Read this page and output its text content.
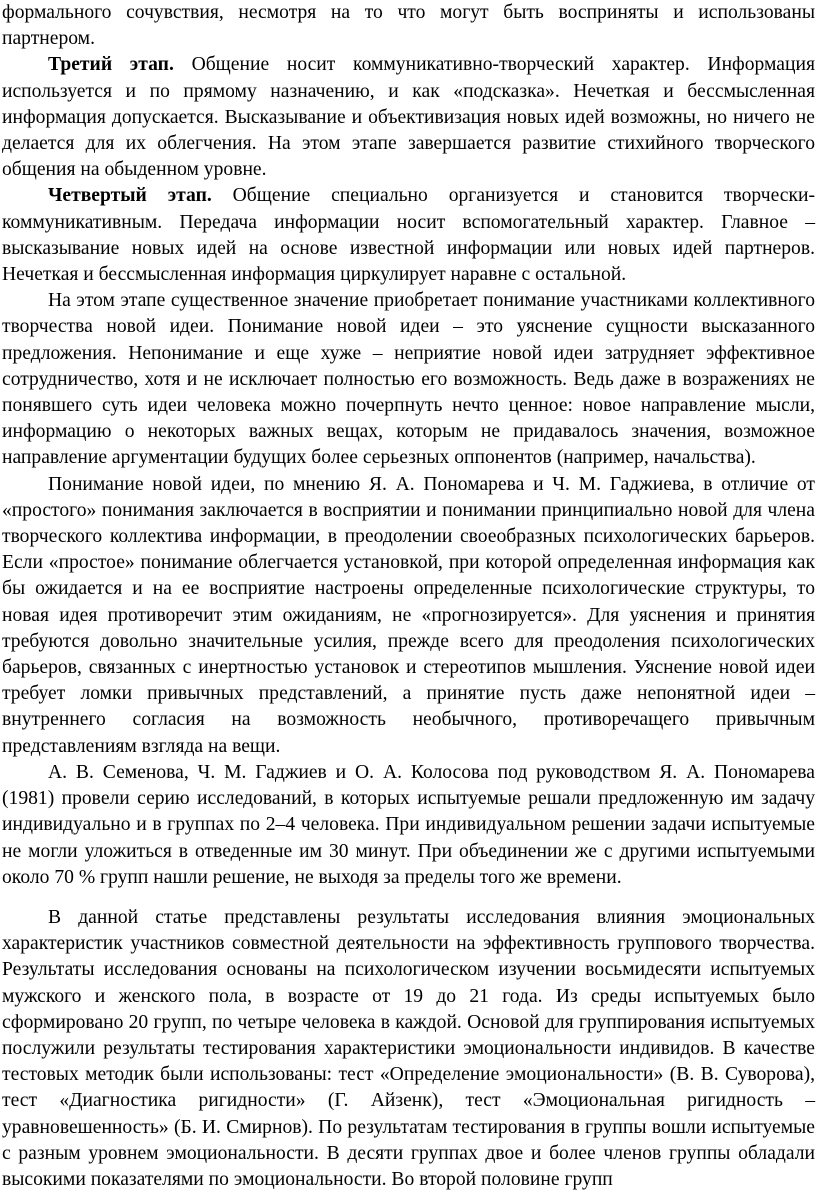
формального сочувствия, несмотря на то что могут быть восприняты и использованы партнером.

Третий этап. Общение носит коммуникативно-творческий характер. Информация используется и по прямому назначению, и как «подсказка». Нечеткая и бессмысленная информация допускается. Высказывание и объективизация новых идей возможны, но ничего не делается для их облегчения. На этом этапе завершается развитие стихийного творческого общения на обыденном уровне.

Четвертый этап. Общение специально организуется и становится творчески-коммуникативным. Передача информации носит вспомогательный характер. Главное – высказывание новых идей на основе известной информации или новых идей партнеров. Нечеткая и бессмысленная информация циркулирует наравне с остальной.

На этом этапе существенное значение приобретает понимание участниками коллективного творчества новой идеи. Понимание новой идеи – это уяснение сущности высказанного предложения. Непонимание и еще хуже – неприятие новой идеи затрудняет эффективное сотрудничество, хотя и не исключает полностью его возможность. Ведь даже в возражениях не понявшего суть идеи человека можно почерпнуть нечто ценное: новое направление мысли, информацию о некоторых важных вещах, которым не придавалось значения, возможное направление аргументации будущих более серьезных оппонентов (например, начальства).

Понимание новой идеи, по мнению Я. А. Пономарева и Ч. М. Гаджиева, в отличие от «простого» понимания заключается в восприятии и понимании принципиально новой для члена творческого коллектива информации, в преодолении своеобразных психологических барьеров. Если «простое» понимание облегчается установкой, при которой определенная информация как бы ожидается и на ее восприятие настроены определенные психологические структуры, то новая идея противоречит этим ожиданиям, не «прогнозируется». Для уяснения и принятия требуются довольно значительные усилия, прежде всего для преодоления психологических барьеров, связанных с инертностью установок и стереотипов мышления. Уяснение новой идеи требует ломки привычных представлений, а принятие пусть даже непонятной идеи – внутреннего согласия на возможность необычного, противоречащего привычным представлениям взгляда на вещи.

А. В. Семенова, Ч. М. Гаджиев и О. А. Колосова под руководством Я. А. Пономарева (1981) провели серию исследований, в которых испытуемые решали предложенную им задачу индивидуально и в группах по 2–4 человека. При индивидуальном решении задачи испытуемые не могли уложиться в отведенные им 30 минут. При объединении же с другими испытуемыми около 70 % групп нашли решение, не выходя за пределы того же времени.

В данной статье представлены результаты исследования влияния эмоциональных характеристик участников совместной деятельности на эффективность группового творчества. Результаты исследования основаны на психологическом изучении восьмидесяти испытуемых мужского и женского пола, в возрасте от 19 до 21 года. Из среды испытуемых было сформировано 20 групп, по четыре человека в каждой. Основой для группирования испытуемых послужили результаты тестирования характеристики эмоциональности индивидов. В качестве тестовых методик были использованы: тест «Определение эмоциональности» (В. В. Суворова), тест «Диагностика ригидности» (Г. Айзенк), тест «Эмоциональная ригидность – уравновешенность» (Б. И. Смирнов). По результатам тестирования в группы вошли испытуемые с разным уровнем эмоциональности. В десяти группах двое и более членов группы обладали высокими показателями по эмоциональности. Во второй половине групп
